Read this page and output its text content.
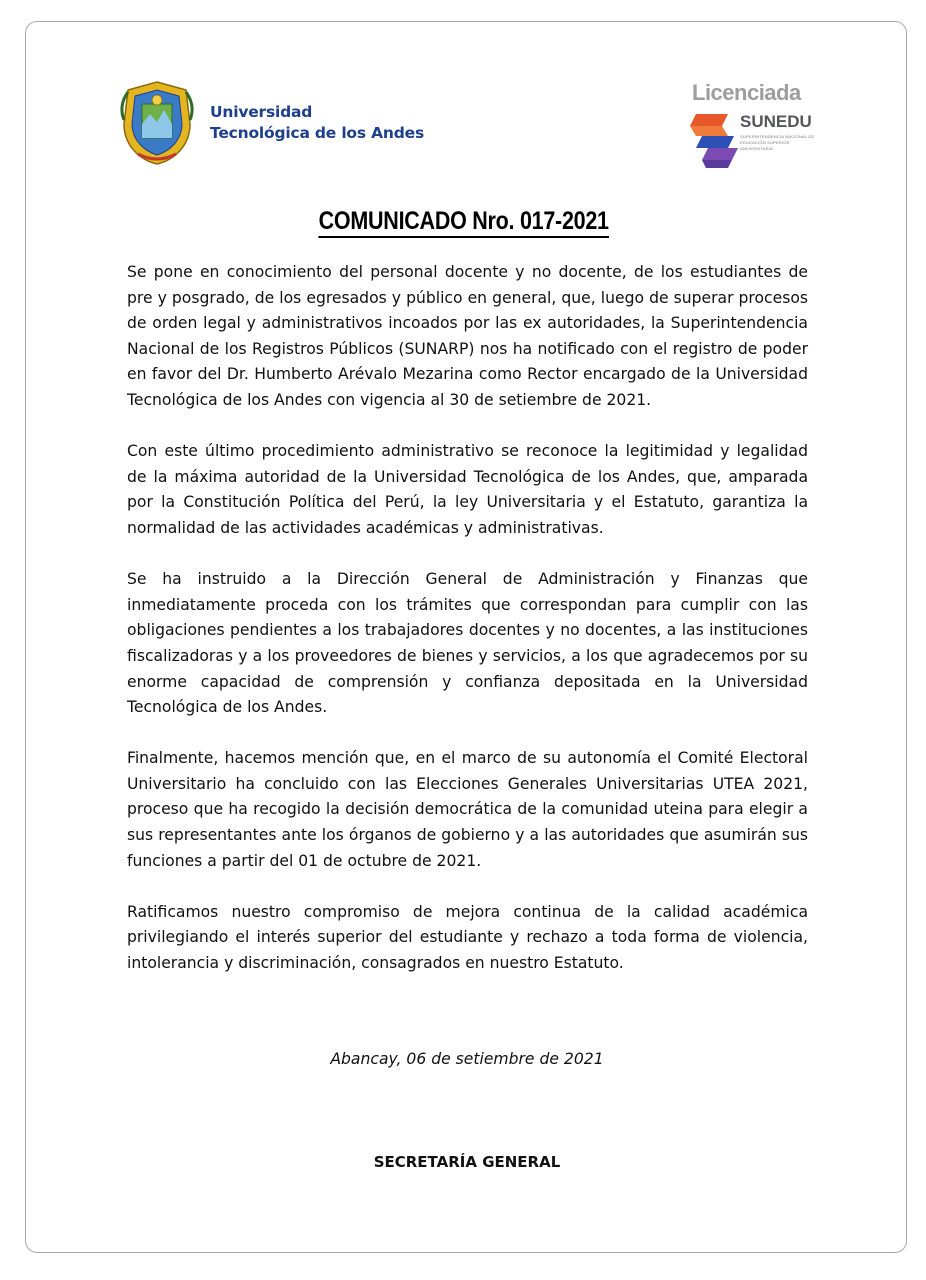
Universidad
Tecnológica de los Andes
Licenciada
SUNEDU
SUPERINTENDENCIA NACIONAL DE EDUCACIÓN SUPERIOR UNIVERSITARIA
COMUNICADO Nro. 017-2021

Se pone en conocimiento del personal docente y no docente, de los estudiantes de pre y posgrado, de los egresados y público en general, que, luego de superar procesos de orden legal y administrativos incoados por las ex autoridades, la Superintendencia Nacional de los Registros Públicos (SUNARP) nos ha notificado con el registro de poder en favor del Dr. Humberto Arévalo Mezarina como Rector encargado de la Universidad Tecnológica de los Andes con vigencia al 30 de setiembre de 2021.

Con este último procedimiento administrativo se reconoce la legitimidad y legalidad de la máxima autoridad de la Universidad Tecnológica de los Andes, que, amparada por la Constitución Política del Perú, la ley Universitaria y el Estatuto, garantiza la normalidad de las actividades académicas y administrativas.

Se ha instruido a la Dirección General de Administración y Finanzas que inmediatamente proceda con los trámites que correspondan para cumplir con las obligaciones pendientes a los trabajadores docentes y no docentes, a las instituciones fiscalizadoras y a los proveedores de bienes y servicios, a los que agradecemos por su enorme capacidad de comprensión y confianza depositada en la Universidad Tecnológica de los Andes.

Finalmente, hacemos mención que, en el marco de su autonomía el Comité Electoral Universitario ha concluido con las Elecciones Generales Universitarias UTEA 2021, proceso que ha recogido la decisión democrática de la comunidad uteina para elegir a sus representantes ante los órganos de gobierno y a las autoridades que asumirán sus funciones a partir del 01 de octubre de 2021.

Ratificamos nuestro compromiso de mejora continua de la calidad académica privilegiando el interés superior del estudiante y rechazo a toda forma de violencia, intolerancia y discriminación, consagrados en nuestro Estatuto.

Abancay, 06 de setiembre de 2021
SECRETARÍA GENERAL
